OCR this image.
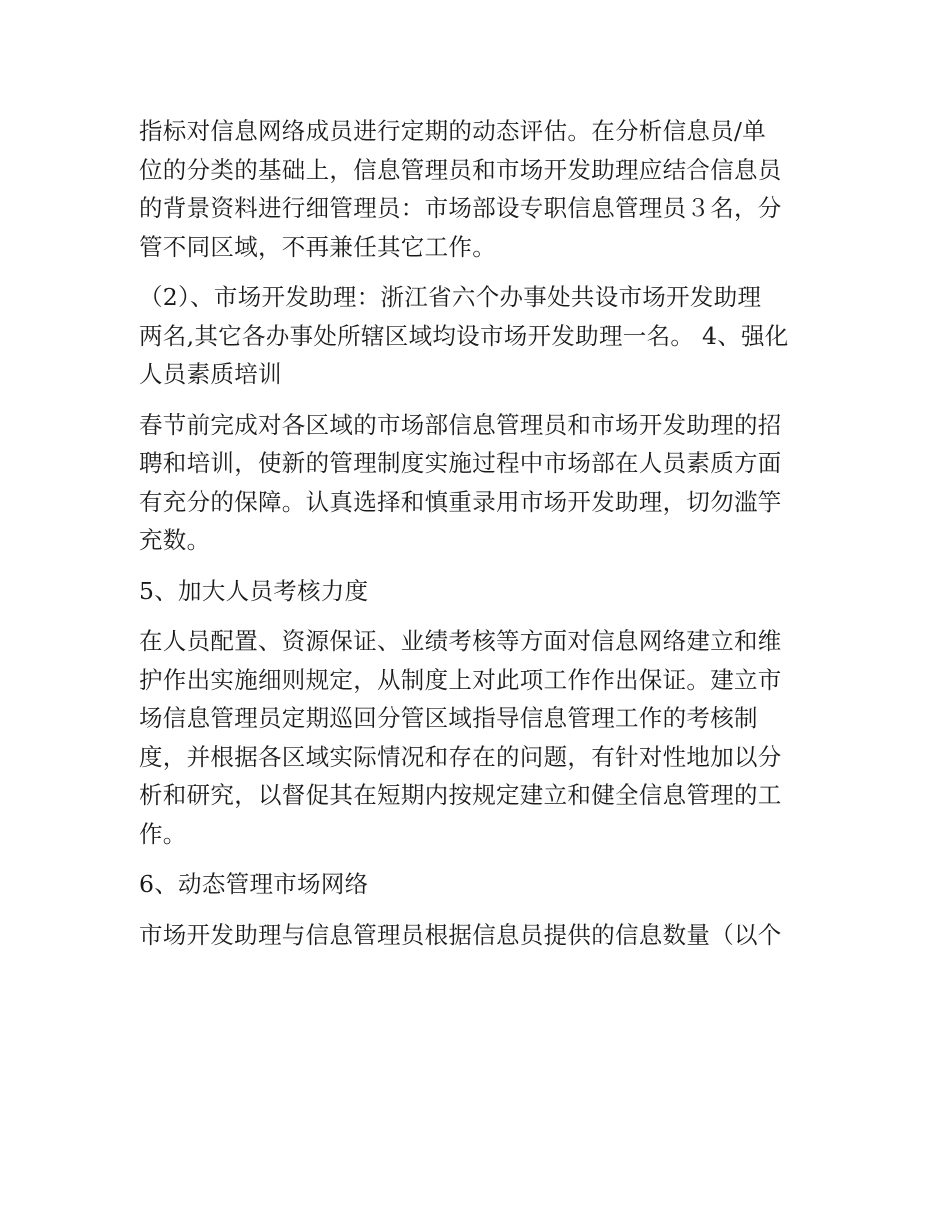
指标对信息网络成员进行定期的动态评估。在分析信息员/单
位的分类的基础上，信息管理员和市场开发助理应结合信息员
的背景资料进行细管理员：市场部设专职信息管理员３名，分
管不同区域，不再兼任其它工作。
（2）、市场开发助理：浙江省六个办事处共设市场开发助理
两名,其它各办事处所辖区域均设市场开发助理一名。 4、强化
人员素质培训
春节前完成对各区域的市场部信息管理员和市场开发助理的招
聘和培训，使新的管理制度实施过程中市场部在人员素质方面
有充分的保障。认真选择和慎重录用市场开发助理，切勿滥竽
充数。
5、加大人员考核力度
在人员配置、资源保证、业绩考核等方面对信息网络建立和维
护作出实施细则规定，从制度上对此项工作作出保证。建立市
场信息管理员定期巡回分管区域指导信息管理工作的考核制
度，并根据各区域实际情况和存在的问题，有针对性地加以分
析和研究，以督促其在短期内按规定建立和健全信息管理的工
作。
6、动态管理市场网络
市场开发助理与信息管理员根据信息员提供的信息数量（以个
